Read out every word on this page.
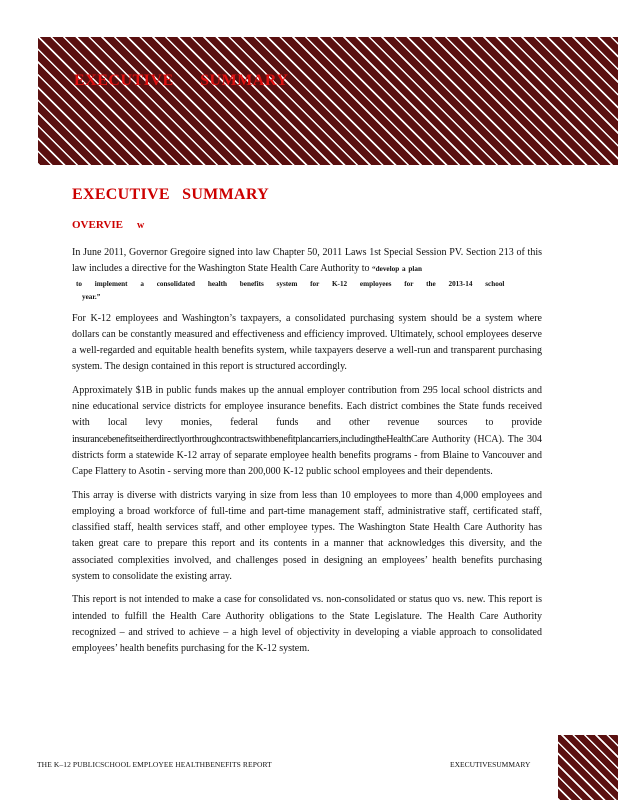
EXECUTIVE SUMMARY
EXECUTIVE SUMMARY
OVERVIE w

In June 2011, Governor Gregoire signed into law Chapter 50, 2011 Laws 1st Special Session PV. Section 213 of this law includes a directive for the Washington State Health Care Authority to “develop a plan
to implement a consolidated health benefits system for K-12 employees for the 2013-14 school
year.”

For K-12 employees and Washington’s taxpayers, a consolidated purchasing system should be a system where dollars can be constantly measured and effectiveness and efficiency improved. Ultimately, school employees deserve a well-regarded and equitable health benefits system, while taxpayers deserve a well-run and transparent purchasing system. The design contained in this report is structured accordingly.

Approximately $1B in public funds makes up the annual employer contribution from 295 local school districts and nine educational service districts for employee insurance benefits. Each district combines the State funds received with local levy monies, federal funds and other revenue sources to provide insurancebenefitseitherdirectlyorthroughcontractswithbenefitplancarriers,includingtheHealthCare Authority (HCA). The 304 districts form a statewide K-12 array of separate employee health benefits programs - from Blaine to Vancouver and Cape Flattery to Asotin - serving more than 200,000 K-12 public school employees and their dependents.

This array is diverse with districts varying in size from less than 10 employees to more than 4,000 employees and employing a broad workforce of full-time and part-time management staff, administrative staff, certificated staff, classified staff, health services staff, and other employee types. The Washington State Health Care Authority has taken great care to prepare this report and its contents in a manner that acknowledges this diversity, and the associated complexities involved, and challenges posed in designing an employees’ health benefits purchasing system to consolidate the existing array.

This report is not intended to make a case for consolidated vs. non-consolidated or status quo vs. new. This report is intended to fulfill the Health Care Authority obligations to the State Legislature. The Health Care Authority recognized – and strived to achieve – a high level of objectivity in developing a viable approach to consolidated employees’ health benefits purchasing for the K-12 system.

THE K–12 PUBLICSCHOOL EMPLOYEE HEALTHBENEFITS REPORT	EXECUTIVESUMMARY
